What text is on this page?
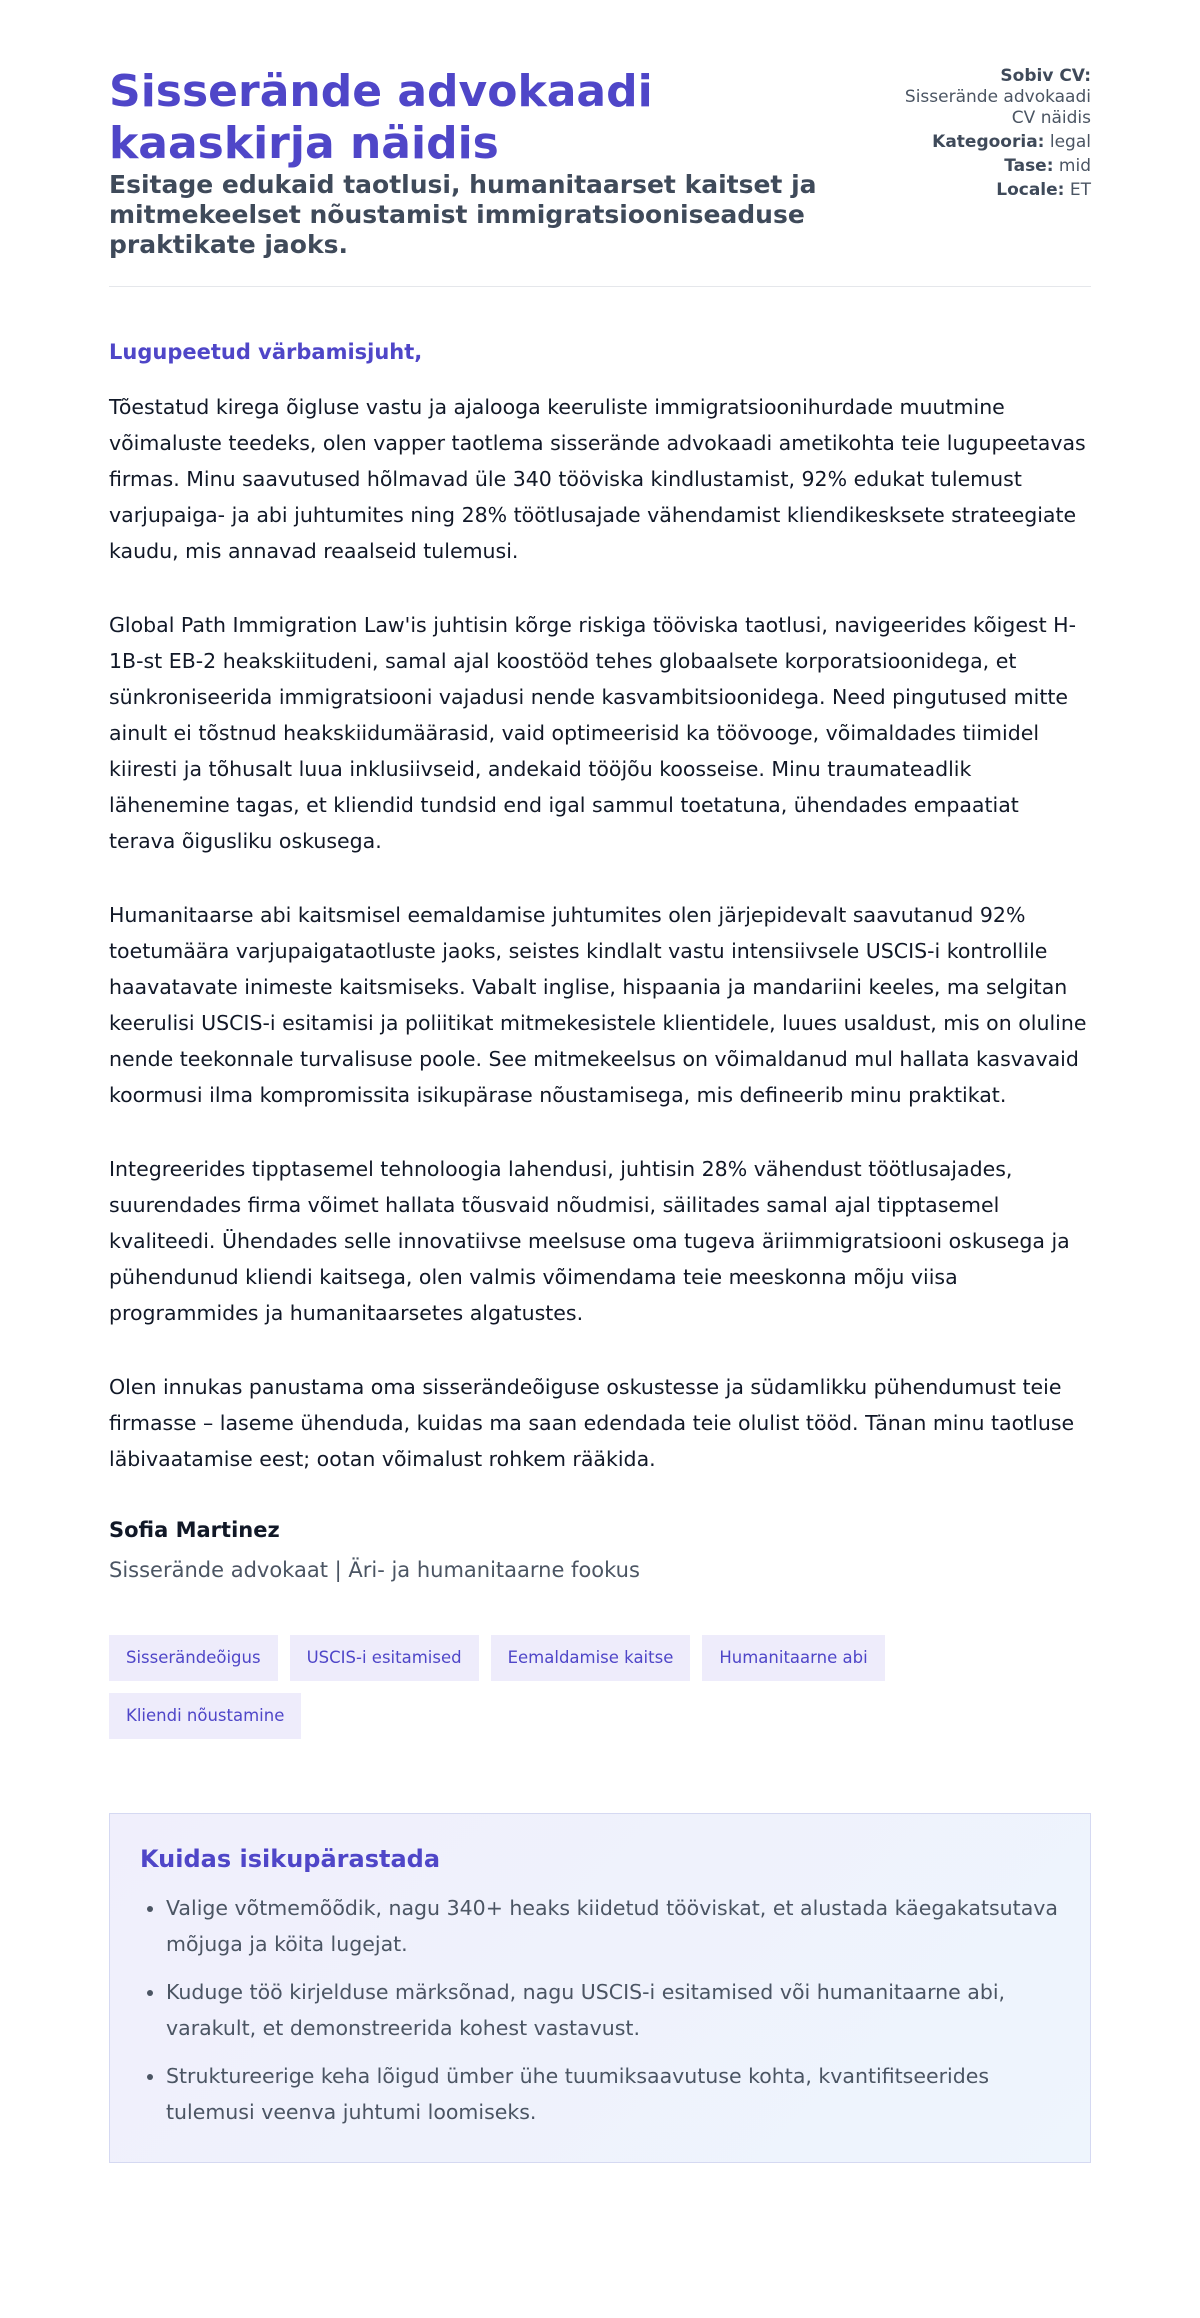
Sisserände advokaadi kaaskirja näidis
Esitage edukaid taotlusi, humanitaarset kaitset ja mitmekeelset nõustamist immigratsiooniseaduse praktikate jaoks.
Sobiv CV:
Sisserände advokaadi CV näidis
Kategooria: legal
Tase: mid
Locale: ET
Lugupeetud värbamisjuht,

Tõestatud kirega õigluse vastu ja ajalooga keeruliste immigratsioonihurdade muutmine võimaluste teedeks, olen vapper taotlema sisserände advokaadi ametikohta teie lugupeetavas firmas. Minu saavutused hõlmavad üle 340 tööviska kindlustamist, 92% edukat tulemust varjupaiga- ja abi juhtumites ning 28% töötlusajade vähendamist kliendikesksete strateegiate kaudu, mis annavad reaalseid tulemusi.

Global Path Immigration Law'is juhtisin kõrge riskiga tööviska taotlusi, navigeerides kõigest H-1B-st EB-2 heakskiitudeni, samal ajal koostööd tehes globaalsete korporatsioonidega, et sünkroniseerida immigratsiooni vajadusi nende kasvambitsioonidega. Need pingutused mitte ainult ei tõstnud heakskiidumäärasid, vaid optimeerisid ka töövooge, võimaldades tiimidel kiiresti ja tõhusalt luua inklusiivseid, andekaid tööjõu koosseise. Minu traumateadlik lähenemine tagas, et kliendid tundsid end igal sammul toetatuna, ühendades empaatiat terava õigusliku oskusega.

Humanitaarse abi kaitsmisel eemaldamise juhtumites olen järjepidevalt saavutanud 92% toetumäära varjupaigataotluste jaoks, seistes kindlalt vastu intensiivsele USCIS-i kontrollile haavatavate inimeste kaitsmiseks. Vabalt inglise, hispaania ja mandariini keeles, ma selgitan keerulisi USCIS-i esitamisi ja poliitikat mitmekesistele klientidele, luues usaldust, mis on oluline nende teekonnale turvalisuse poole. See mitmekeelsus on võimaldanud mul hallata kasvavaid koormusi ilma kompromissita isikupärase nõustamisega, mis defineerib minu praktikat.

Integreerides tipptasemel tehnoloogia lahendusi, juhtisin 28% vähendust töötlusajades, suurendades firma võimet hallata tõusvaid nõudmisi, säilitades samal ajal tipptasemel kvaliteedi. Ühendades selle innovatiivse meelsuse oma tugeva äriimmigratsiooni oskusega ja pühendunud kliendi kaitsega, olen valmis võimendama teie meeskonna mõju viisa programmides ja humanitaarsetes algatustes.

Olen innukas panustama oma sisserändeõiguse oskustesse ja südamlikku pühendumust teie firmasse – laseme ühenduda, kuidas ma saan edendada teie olulist tööd. Tänan minu taotluse läbivaatamise eest; ootan võimalust rohkem rääkida.

Sofia Martinez
Sisserände advokaat | Äri- ja humanitaarne fookus
Sisserändeõigus	USCIS-i esitamised	Eemaldamise kaitse	Humanitaarne abi
Kliendi nõustamine
Kuidas isikupärastada
• Valige võtmemõõdik, nagu 340+ heaks kiidetud tööviskat, et alustada käegakatsutava mõjuga ja köita lugejat.
• Kuduge töö kirjelduse märksõnad, nagu USCIS-i esitamised või humanitaarne abi, varakult, et demonstreerida kohest vastavust.
• Struktureerige keha lõigud ümber ühe tuumiksaavutuse kohta, kvantifitseerides tulemusi veenva juhtumi loomiseks.
